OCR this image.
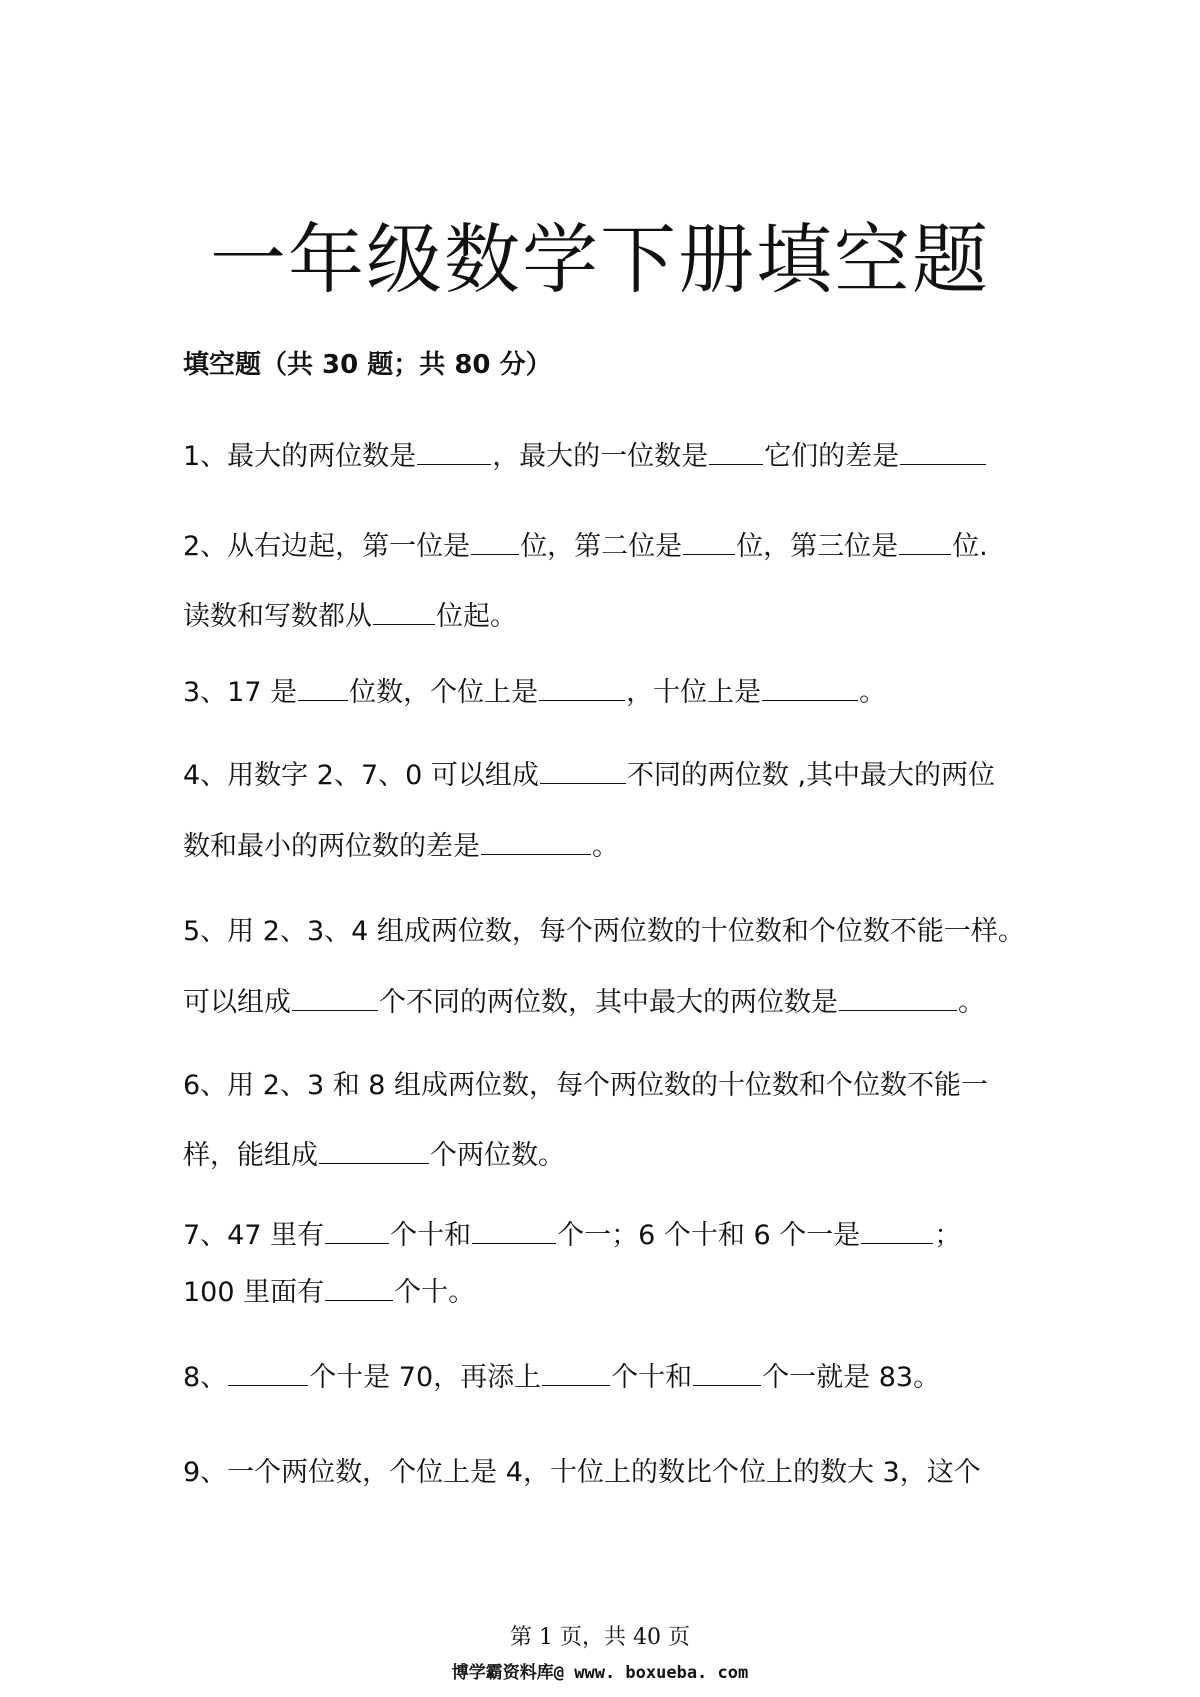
一年级数学下册填空题
填空题（共 30 题；共 80 分）
1、最大的两位数是	，最大的一位数是 它们的差是
2、从右边起，第一位是 位，第二位是 位，第三位是 位.
读数和写数都从 位起。
3、17 是 位数，个位上是	，十位上是	。
4、用数字 2、7、0 可以组成	不同的两位数 ,其中最大的两位
数和最小的两位数的差是	。
5、用 2、3、4 组成两位数，每个两位数的十位数和个位数不能一样。
可以组成	个不同的两位数，其中最大的两位数是	。
6、用 2、3 和 8 组成两位数，每个两位数的十位数和个位数不能一
样，能组成	个两位数。
7、47 里有 个十和	个一；6 个十和 6 个一是	；
100 里面有	个十。
8、	个十是 70，再添上	个十和	个一就是 83。
9、一个两位数，个位上是 4，十位上的数比个位上的数大 3，这个
第 1 页，共 40 页
博学霸资料库@ www. boxueba. com
